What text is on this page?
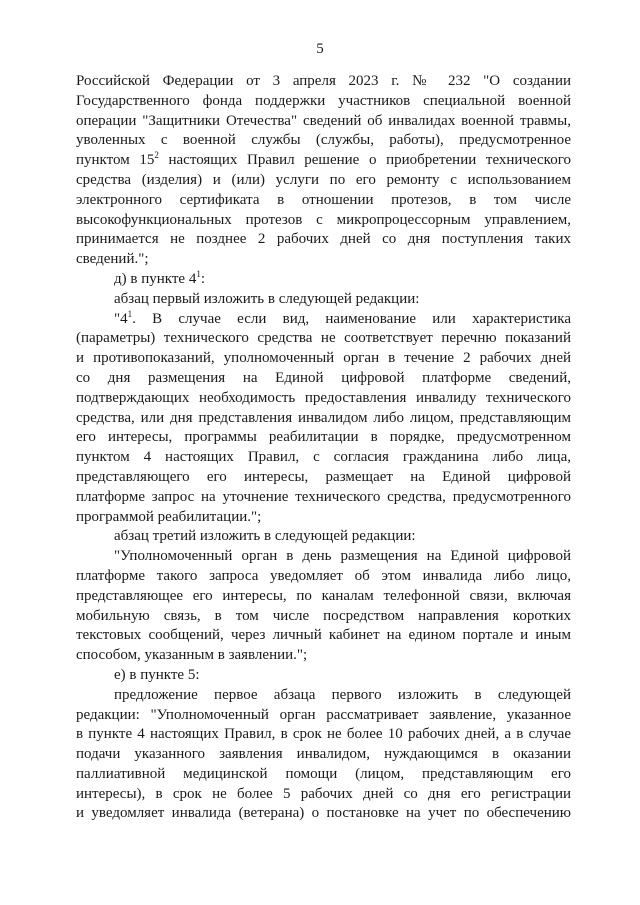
5
Российской Федерации от 3 апреля 2023 г. № 232 "О создании
Государственного фонда поддержки участников специальной военной
операции "Защитники Отечества" сведений об инвалидах военной травмы,
уволенных с военной службы (службы, работы), предусмотренное
пунктом $15^2$ настоящих Правил решение о приобретении технического
средства (изделия) и (или) услуги по его ремонту с использованием
электронного сертификата в отношении протезов, в том числе
высокофункциональных протезов с микропроцессорным управлением,
принимается не позднее 2 рабочих дней со дня поступления таких
сведений.";
д) в пункте $4^1$:
абзац первый изложить в следующей редакции:
"$4^1$. В случае если вид, наименование или характеристика
(параметры) технического средства не соответствует перечню показаний
и противопоказаний, уполномоченный орган в течение 2 рабочих дней
со дня размещения на Единой цифровой платформе сведений,
подтверждающих необходимость предоставления инвалиду технического
средства, или дня представления инвалидом либо лицом, представляющим
его интересы, программы реабилитации в порядке, предусмотренном
пунктом 4 настоящих Правил, с согласия гражданина либо лица,
представляющего его интересы, размещает на Единой цифровой
платформе запрос на уточнение технического средства, предусмотренного
программой реабилитации.";
абзац третий изложить в следующей редакции:
"Уполномоченный орган в день размещения на Единой цифровой
платформе такого запроса уведомляет об этом инвалида либо лицо,
представляющее его интересы, по каналам телефонной связи, включая
мобильную связь, в том числе посредством направления коротких
текстовых сообщений, через личный кабинет на едином портале и иным
способом, указанным в заявлении.";
е) в пункте 5:
предложение первое абзаца первого изложить в следующей
редакции: "Уполномоченный орган рассматривает заявление, указанное
в пункте 4 настоящих Правил, в срок не более 10 рабочих дней, а в случае
подачи указанного заявления инвалидом, нуждающимся в оказании
паллиативной медицинской помощи (лицом, представляющим его
интересы), в срок не более 5 рабочих дней со дня его регистрации
и уведомляет инвалида (ветерана) о постановке на учет по обеспечению
